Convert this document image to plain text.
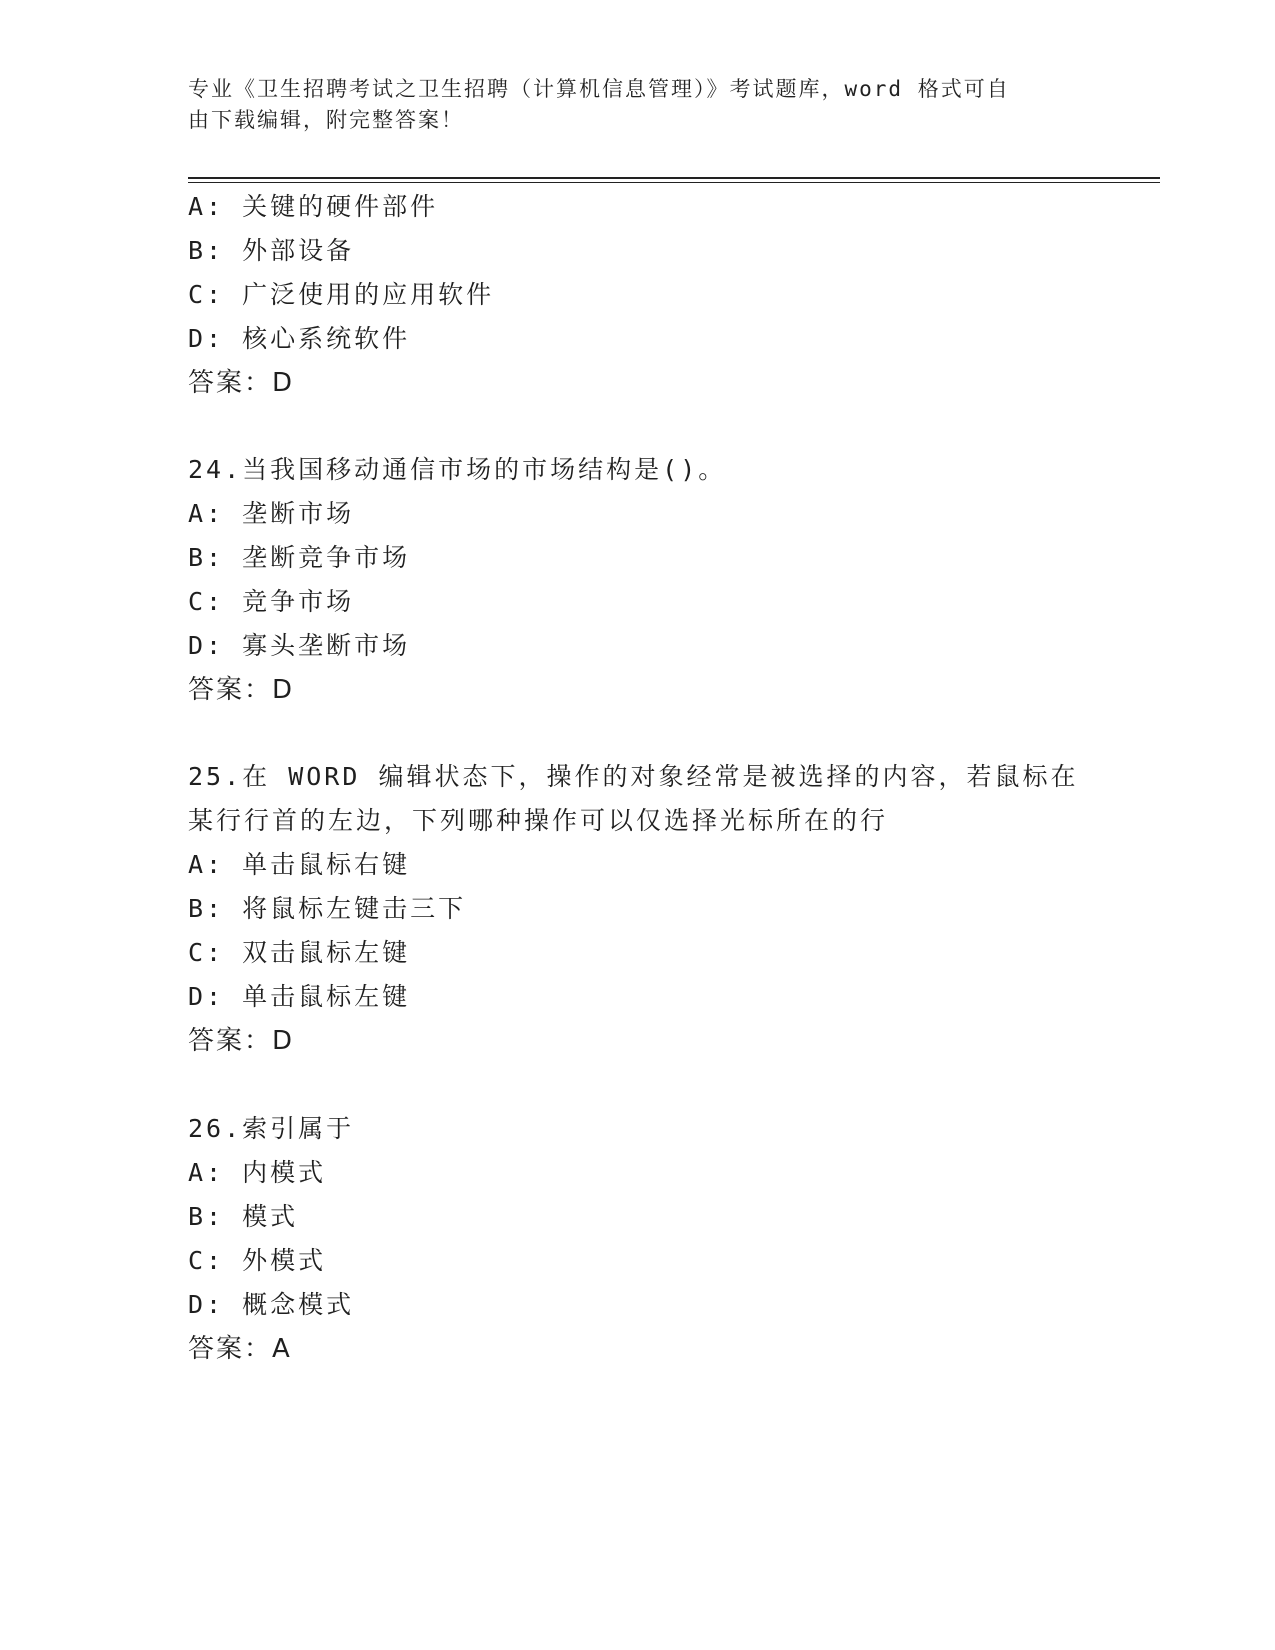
专业《卫生招聘考试之卫生招聘（计算机信息管理）》考试题库，word 格式可自
由下载编辑，附完整答案！
A: 关键的硬件部件
B: 外部设备
C: 广泛使用的应用软件
D: 核心系统软件
答案：D
24.当我国移动通信市场的市场结构是()。
A: 垄断市场
B: 垄断竞争市场
C: 竞争市场
D: 寡头垄断市场
答案：D
25.在 WORD 编辑状态下，操作的对象经常是被选择的内容，若鼠标在
某行行首的左边，下列哪种操作可以仅选择光标所在的行
A: 单击鼠标右键
B: 将鼠标左键击三下
C: 双击鼠标左键
D: 单击鼠标左键
答案：D
26.索引属于
A: 内模式
B: 模式
C: 外模式
D: 概念模式
答案：A
